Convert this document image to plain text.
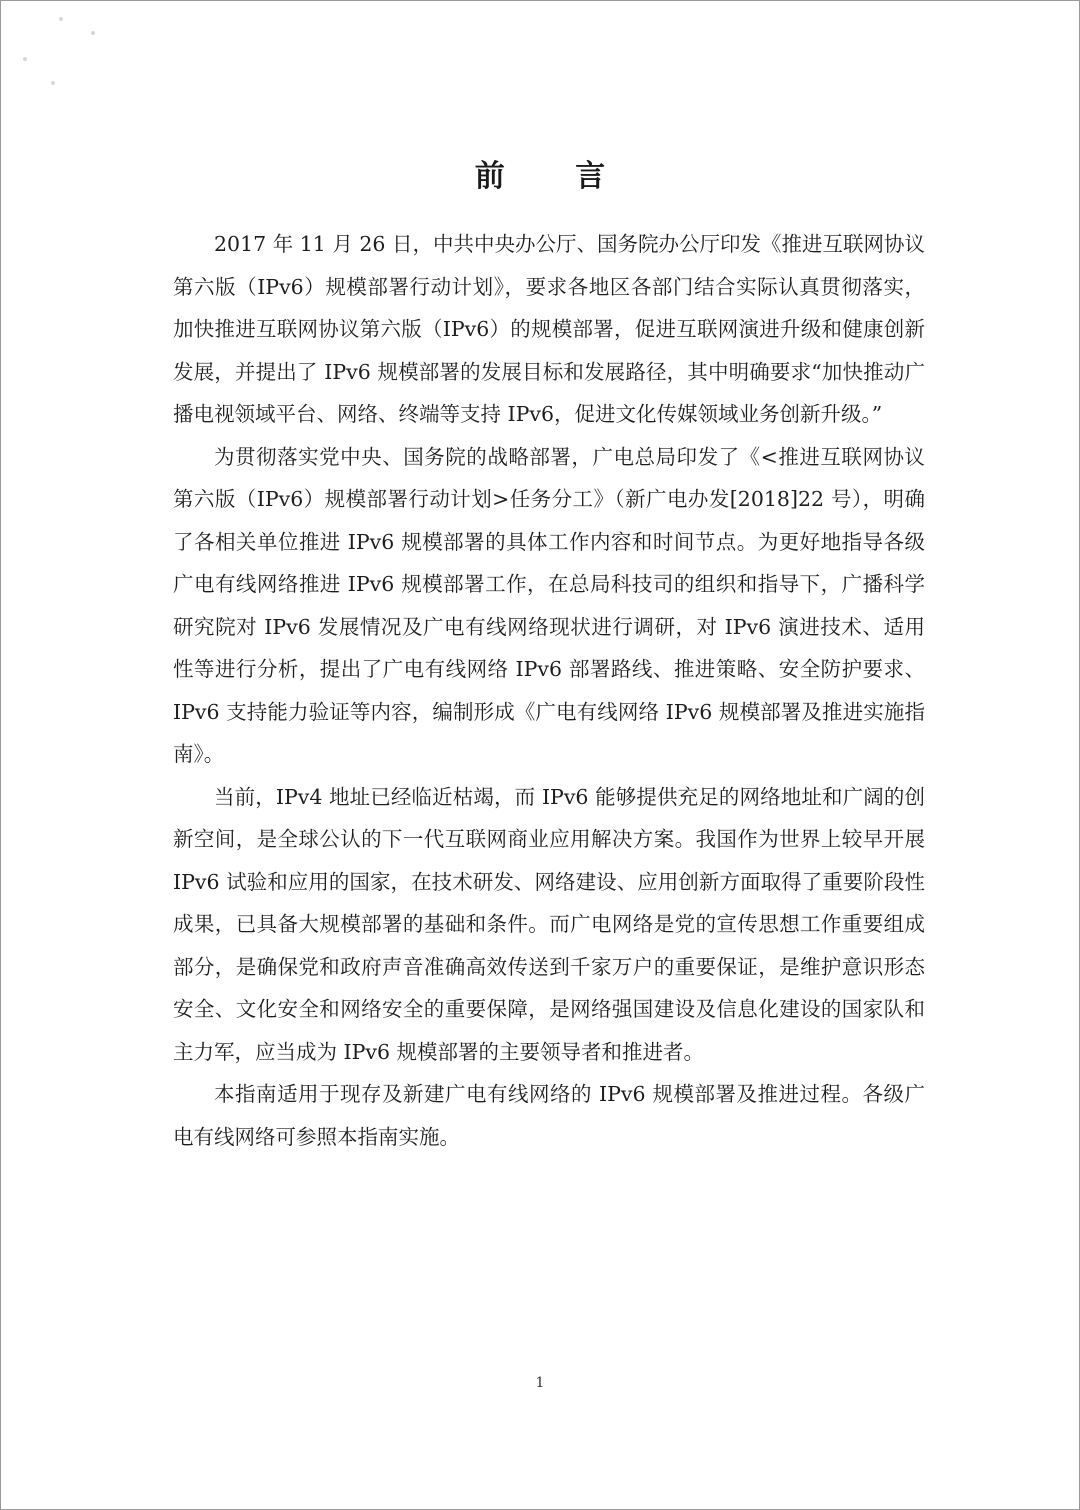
前 言

2017 年 11 月 26 日，中共中央办公厅、国务院办公厅印发《推进互联网协议第六版（IPv6）规模部署行动计划》，要求各地区各部门结合实际认真贯彻落实，加快推进互联网协议第六版（IPv6）的规模部署，促进互联网演进升级和健康创新发展，并提出了 IPv6 规模部署的发展目标和发展路径，其中明确要求“加快推动广播电视领域平台、网络、终端等支持 IPv6，促进文化传媒领域业务创新升级。”

为贯彻落实党中央、国务院的战略部署，广电总局印发了《<推进互联网协议第六版（IPv6）规模部署行动计划>任务分工》（新广电办发[2018]22 号），明确了各相关单位推进 IPv6 规模部署的具体工作内容和时间节点。为更好地指导各级广电有线网络推进 IPv6 规模部署工作，在总局科技司的组织和指导下，广播科学研究院对 IPv6 发展情况及广电有线网络现状进行调研，对 IPv6 演进技术、适用性等进行分析，提出了广电有线网络 IPv6 部署路线、推进策略、安全防护要求、IPv6 支持能力验证等内容，编制形成《广电有线网络 IPv6 规模部署及推进实施指南》。

当前，IPv4 地址已经临近枯竭，而 IPv6 能够提供充足的网络地址和广阔的创新空间，是全球公认的下一代互联网商业应用解决方案。我国作为世界上较早开展 IPv6 试验和应用的国家，在技术研发、网络建设、应用创新方面取得了重要阶段性成果，已具备大规模部署的基础和条件。而广电网络是党的宣传思想工作重要组成部分，是确保党和政府声音准确高效传送到千家万户的重要保证，是维护意识形态安全、文化安全和网络安全的重要保障，是网络强国建设及信息化建设的国家队和主力军，应当成为 IPv6 规模部署的主要领导者和推进者。

本指南适用于现存及新建广电有线网络的 IPv6 规模部署及推进过程。各级广电有线网络可参照本指南实施。

1
